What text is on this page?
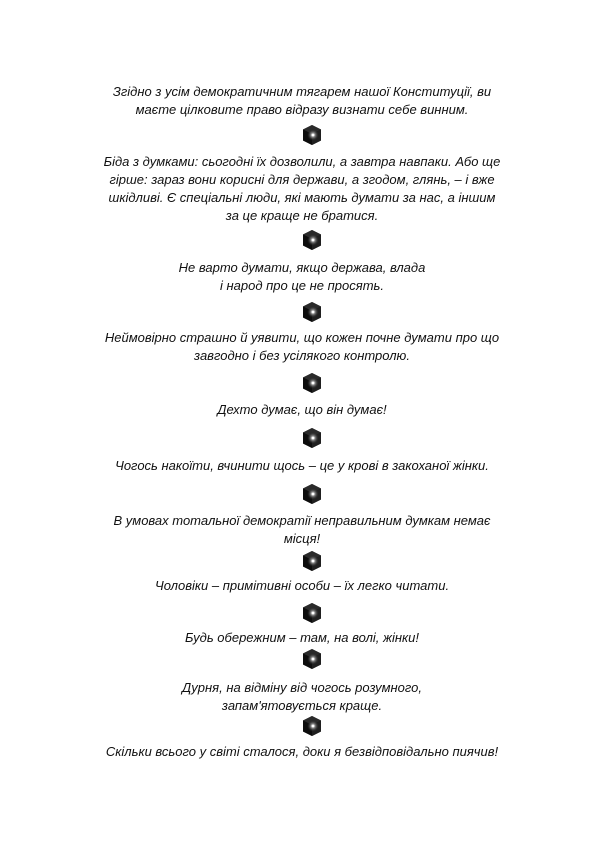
Згідно з усім демократичним тягарем нашої Конституції, ви
маєте цілковите право відразу визнати себе винним.
Біда з думками: сьогодні їх дозволили, а завтра навпаки. Або ще
гірше: зараз вони корисні для держави, а згодом, глянь, – і вже
шкідливі. Є спеціальні люди, які мають думати за нас, а іншим
за це краще не братися.
Не варто думати, якщо держава, влада
і народ про це не просять.
Неймовірно страшно й уявити, що кожен почне думати про що
завгодно і без усілякого контролю.
Дехто думає, що він думає!
Чогось накоїти, вчинити щось – це у крові в закоханої жінки.
В умовах тотальної демократії неправильним думкам немає
місця!
Чоловіки – примітивні особи – їх легко читати.
Будь обережним – там, на волі, жінки!
Дурня, на відміну від чогось розумного,
запам'ятовується краще.
Скільки всього у світі сталося, доки я безвідповідально пиячив!
